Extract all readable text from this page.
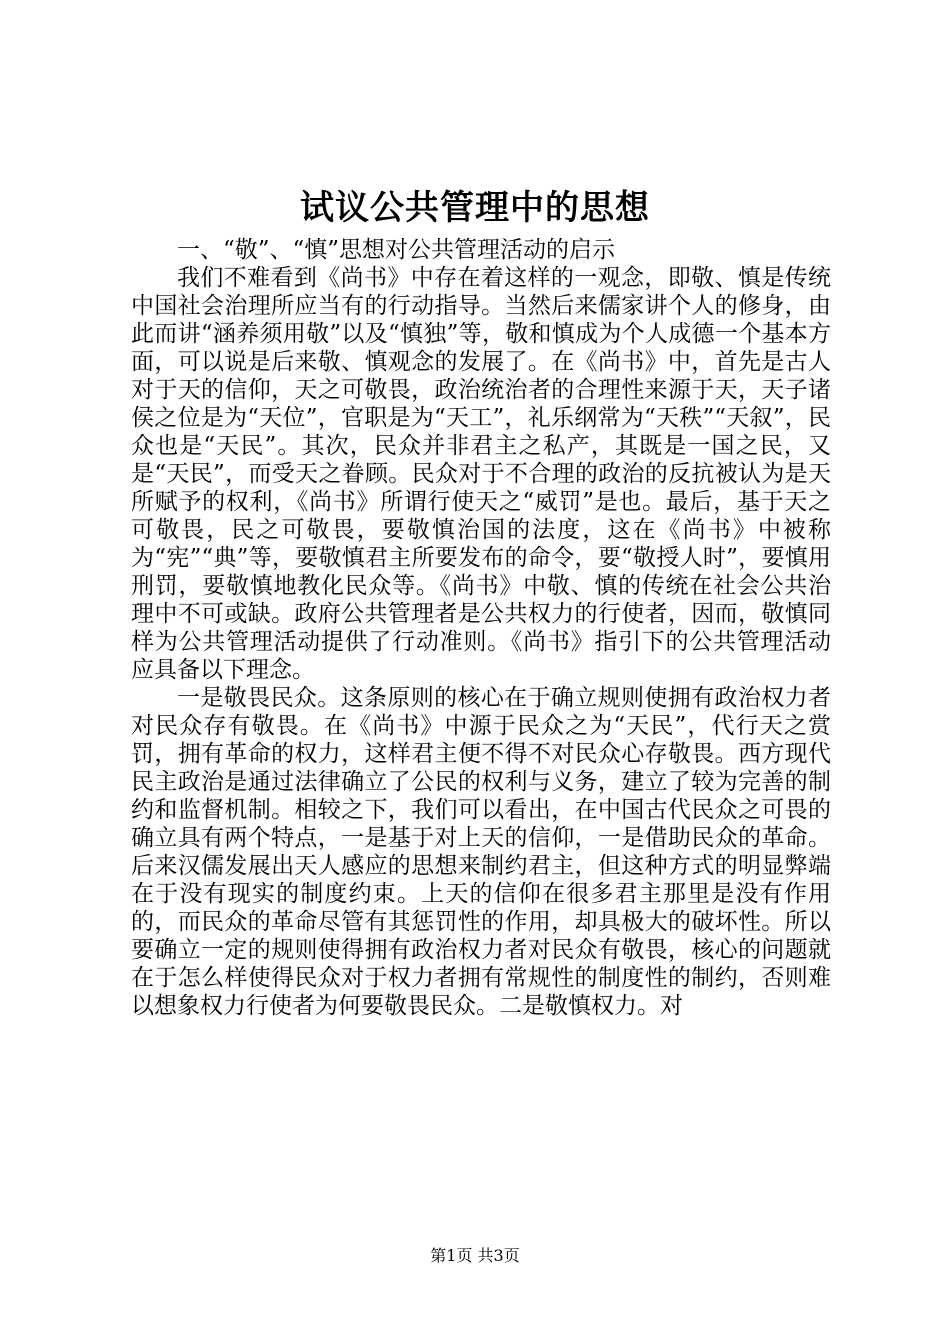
试议公共管理中的思想

一、“敬”、“慎”思想对公共管理活动的启示

我们不难看到《尚书》中存在着这样的一观念，即敬、慎是传统中国社会治理所应当有的行动指导。当然后来儒家讲个人的修身，由此而讲“涵养须用敬”以及“慎独”等，敬和慎成为个人成德一个基本方面，可以说是后来敬、慎观念的发展了。在《尚书》中，首先是古人对于天的信仰，天之可敬畏，政治统治者的合理性来源于天，天子诸侯之位是为“天位”，官职是为“天工”，礼乐纲常为“天秩”“天叙”，民众也是“天民”。其次，民众并非君主之私产，其既是一国之民，又是“天民”，而受天之眷顾。民众对于不合理的政治的反抗被认为是天所赋予的权利，《尚书》所谓行使天之“威罚”是也。最后，基于天之可敬畏，民之可敬畏，要敬慎治国的法度，这在《尚书》中被称为“宪”“典”等，要敬慎君主所要发布的命令，要“敬授人时”，要慎用刑罚，要敬慎地教化民众等。《尚书》中敬、慎的传统在社会公共治理中不可或缺。政府公共管理者是公共权力的行使者，因而，敬慎同样为公共管理活动提供了行动准则。《尚书》指引下的公共管理活动应具备以下理念。

一是敬畏民众。这条原则的核心在于确立规则使拥有政治权力者对民众存有敬畏。在《尚书》中源于民众之为“天民”，代行天之赏罚，拥有革命的权力，这样君主便不得不对民众心存敬畏。西方现代民主政治是通过法律确立了公民的权利与义务，建立了较为完善的制约和监督机制。相较之下，我们可以看出，在中国古代民众之可畏的确立具有两个特点，一是基于对上天的信仰，一是借助民众的革命。后来汉儒发展出天人感应的思想来制约君主，但这种方式的明显弊端在于没有现实的制度约束。上天的信仰在很多君主那里是没有作用的，而民众的革命尽管有其惩罚性的作用，却具极大的破坏性。所以要确立一定的规则使得拥有政治权力者对民众有敬畏，核心的问题就在于怎么样使得民众对于权力者拥有常规性的制度性的制约，否则难以想象权力行使者为何要敬畏民众。二是敬慎权力。对

第1页 共3页
